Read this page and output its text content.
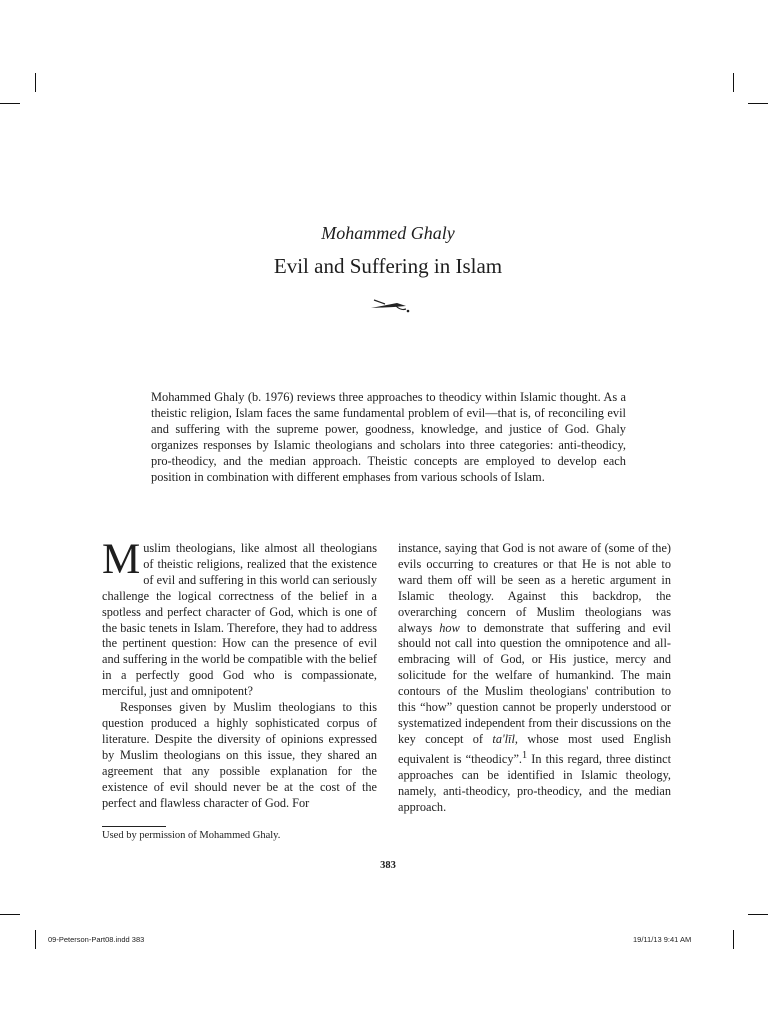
Mohammed Ghaly
Evil and Suffering in Islam
Mohammed Ghaly (b. 1976) reviews three approaches to theodicy within Islamic thought. As a theistic religion, Islam faces the same fundamental problem of evil—that is, of reconciling evil and suffering with the supreme power, goodness, knowledge, and justice of God. Ghaly organizes responses by Islamic theologians and scholars into three categories: anti-theodicy, pro-theodicy, and the median approach. Theistic concepts are employed to develop each position in combination with different emphases from various schools of Islam.

Muslim theologians, like almost all theologians of theistic religions, realized that the existence of evil and suffering in this world can seriously challenge the logical correctness of the belief in a spotless and perfect character of God, which is one of the basic tenets in Islam. Therefore, they had to address the pertinent question: How can the presence of evil and suffering in the world be compatible with the belief in a perfectly good God who is compassionate, merciful, just and omnipotent?

Responses given by Muslim theologians to this question produced a highly sophisticated corpus of literature. Despite the diversity of opinions expressed by Muslim theologians on this issue, they shared an agreement that any possible explanation for the existence of evil should never be at the cost of the perfect and flawless character of God. For

instance, saying that God is not aware of (some of the) evils occurring to creatures or that He is not able to ward them off will be seen as a heretic argument in Islamic theology. Against this backdrop, the overarching concern of Muslim theologians was always how to demonstrate that suffering and evil should not call into question the omnipotence and all-embracing will of God, or His justice, mercy and solicitude for the welfare of humankind. The main contours of the Muslim theologians' contribution to this “how” question cannot be properly understood or systematized independent from their discussions on the key concept of ta'līl, whose most used English equivalent is “theodicy”.$^1$ In this regard, three distinct approaches can be identified in Islamic theology, namely, anti-theodicy, pro-theodicy, and the median approach.

Used by permission of Mohammed Ghaly.
383
09-Peterson-Part08.indd 383	19/11/13 9:41 AM
